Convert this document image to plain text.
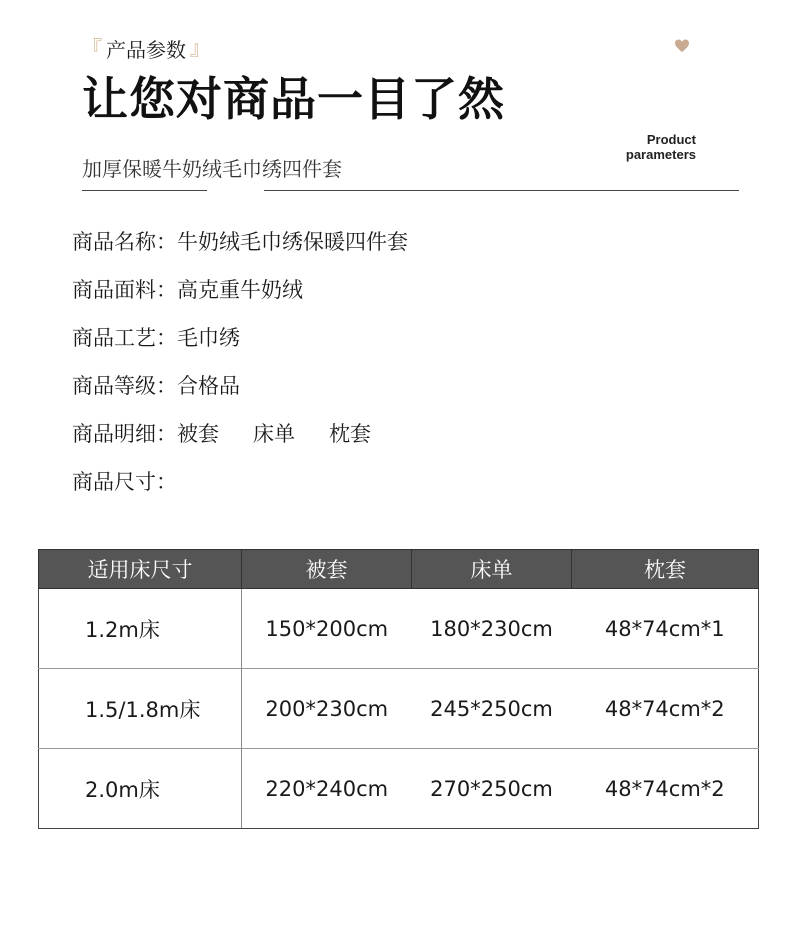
『 产品参数 』
让您对商品一目了然
Product
parameters
加厚保暖牛奶绒毛巾绣四件套
商品名称： 牛奶绒毛巾绣保暖四件套
商品面料： 高克重牛奶绒
商品工艺： 毛巾绣
商品等级： 合格品
商品明细： 被套 床单 枕套
商品尺寸：
适用床尺寸	被套	床单	枕套
1.2m床	150*200cm	180*230cm	48*74cm*1
1.5/1.8m床	200*230cm	245*250cm	48*74cm*2
2.0m床	220*240cm	270*250cm	48*74cm*2
